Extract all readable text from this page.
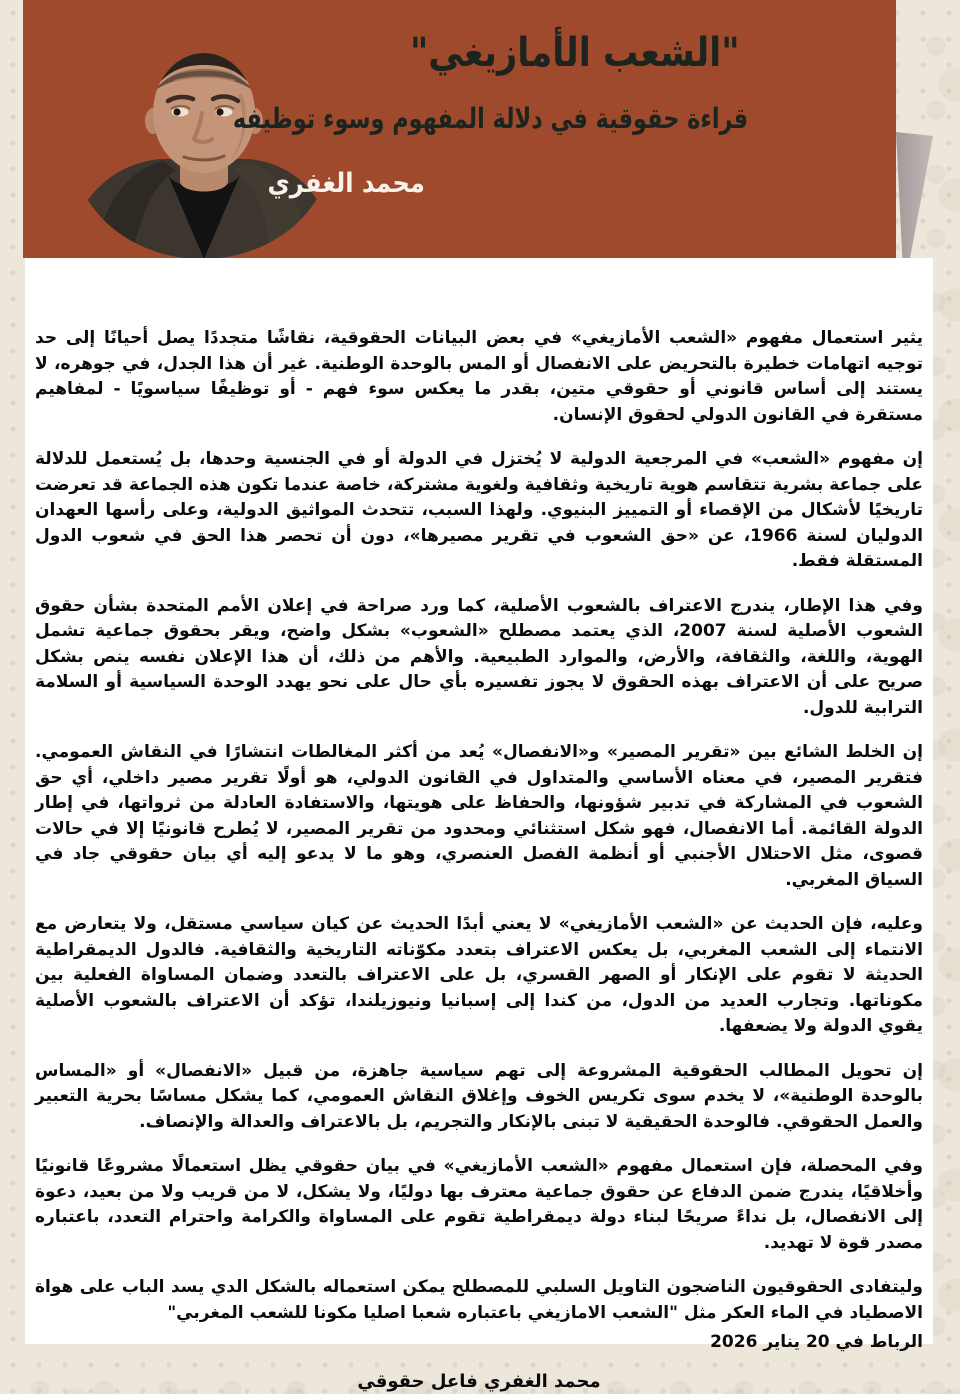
"الشعب الأمازيغي"
قراءة حقوقية في دلالة المفهوم وسوء توظيفه
محمد الغفري

يثير استعمال مفهوم «الشعب الأمازيغي» في بعض البيانات الحقوقية، نقاشًا متجددًا يصل أحيانًا إلى حد توجيه اتهامات خطيرة بالتحريض على الانفصال أو المس بالوحدة الوطنية. غير أن هذا الجدل، في جوهره، لا يستند إلى أساس قانوني أو حقوقي متين، بقدر ما يعكس سوء فهم - أو توظيفًا سياسويًا - لمفاهيم مستقرة في القانون الدولي لحقوق الإنسان.

إن مفهوم «الشعب» في المرجعية الدولية لا يُختزل في الدولة أو في الجنسية وحدها، بل يُستعمل للدلالة على جماعة بشرية تتقاسم هوية تاريخية وثقافية ولغوية مشتركة، خاصة عندما تكون هذه الجماعة قد تعرضت تاريخيًا لأشكال من الإقصاء أو التمييز البنيوي. ولهذا السبب، تتحدث المواثيق الدولية، وعلى رأسها العهدان الدوليان لسنة 1966، عن «حق الشعوب في تقرير مصيرها»، دون أن تحصر هذا الحق في شعوب الدول المستقلة فقط.

وفي هذا الإطار، يندرج الاعتراف بالشعوب الأصلية، كما ورد صراحة في إعلان الأمم المتحدة بشأن حقوق الشعوب الأصلية لسنة 2007، الذي يعتمد مصطلح «الشعوب» بشكل واضح، ويقر بحقوق جماعية تشمل الهوية، واللغة، والثقافة، والأرض، والموارد الطبيعية. والأهم من ذلك، أن هذا الإعلان نفسه ينص بشكل صريح على أن الاعتراف بهذه الحقوق لا يجوز تفسيره بأي حال على نحو يهدد الوحدة السياسية أو السلامة الترابية للدول.

إن الخلط الشائع بين «تقرير المصير» و«الانفصال» يُعد من أكثر المغالطات انتشارًا في النقاش العمومي. فتقرير المصير، في معناه الأساسي والمتداول في القانون الدولي، هو أولًا تقرير مصير داخلي، أي حق الشعوب في المشاركة في تدبير شؤونها، والحفاظ على هويتها، والاستفادة العادلة من ثرواتها، في إطار الدولة القائمة. أما الانفصال، فهو شكل استثنائي ومحدود من تقرير المصير، لا يُطرح قانونيًا إلا في حالات قصوى، مثل الاحتلال الأجنبي أو أنظمة الفصل العنصري، وهو ما لا يدعو إليه أي بيان حقوقي جاد في السياق المغربي.

وعليه، فإن الحديث عن «الشعب الأمازيغي» لا يعني أبدًا الحديث عن كيان سياسي مستقل، ولا يتعارض مع الانتماء إلى الشعب المغربي، بل يعكس الاعتراف بتعدد مكوّناته التاريخية والثقافية. فالدول الديمقراطية الحديثة لا تقوم على الإنكار أو الصهر القسري، بل على الاعتراف بالتعدد وضمان المساواة الفعلية بين مكوناتها. وتجارب العديد من الدول، من كندا إلى إسبانيا ونيوزيلندا، تؤكد أن الاعتراف بالشعوب الأصلية يقوي الدولة ولا يضعفها.

إن تحويل المطالب الحقوقية المشروعة إلى تهم سياسية جاهزة، من قبيل «الانفصال» أو «المساس بالوحدة الوطنية»، لا يخدم سوى تكريس الخوف وإغلاق النقاش العمومي، كما يشكل مساسًا بحرية التعبير والعمل الحقوقي. فالوحدة الحقيقية لا تبنى بالإنكار والتجريم، بل بالاعتراف والعدالة والإنصاف.

وفي المحصلة، فإن استعمال مفهوم «الشعب الأمازيغي» في بيان حقوقي يظل استعمالًا مشروعًا قانونيًا وأخلاقيًا، يندرج ضمن الدفاع عن حقوق جماعية معترف بها دوليًا، ولا يشكل، لا من قريب ولا من بعيد، دعوة إلى الانفصال، بل نداءً صريحًا لبناء دولة ديمقراطية تقوم على المساواة والكرامة واحترام التعدد، باعتباره مصدر قوة لا تهديد.

وليتفادى الحقوقيون الناضجون التاويل السلبي للمصطلح يمكن استعماله بالشكل الدي يسد الباب على هواة الاصطياد في الماء العكر مثل "الشعب الامازيغي باعتباره شعبا اصليا مكونا للشعب المغربي"

الرباط في 20 يناير 2026
محمد الغفري فاعل حقوقي
